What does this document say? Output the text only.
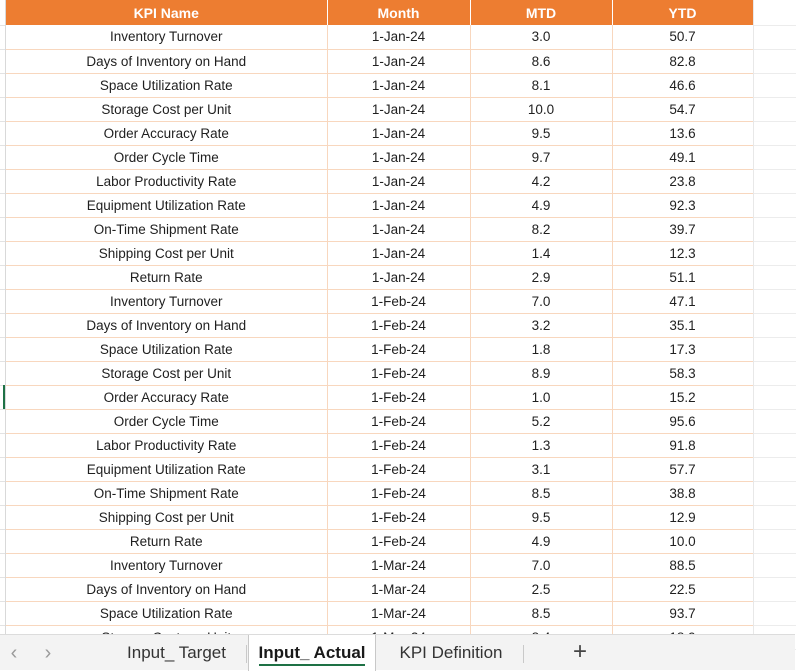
KPI Name	Month	MTD	YTD
Inventory Turnover	1-Jan-24	3.0	50.7
Days of Inventory on Hand	1-Jan-24	8.6	82.8
Space Utilization Rate	1-Jan-24	8.1	46.6
Storage Cost per Unit	1-Jan-24	10.0	54.7
Order Accuracy Rate	1-Jan-24	9.5	13.6
Order Cycle Time	1-Jan-24	9.7	49.1
Labor Productivity Rate	1-Jan-24	4.2	23.8
Equipment Utilization Rate	1-Jan-24	4.9	92.3
On-Time Shipment Rate	1-Jan-24	8.2	39.7
Shipping Cost per Unit	1-Jan-24	1.4	12.3
Return Rate	1-Jan-24	2.9	51.1
Inventory Turnover	1-Feb-24	7.0	47.1
Days of Inventory on Hand	1-Feb-24	3.2	35.1
Space Utilization Rate	1-Feb-24	1.8	17.3
Storage Cost per Unit	1-Feb-24	8.9	58.3
Order Accuracy Rate	1-Feb-24	1.0	15.2
Order Cycle Time	1-Feb-24	5.2	95.6
Labor Productivity Rate	1-Feb-24	1.3	91.8
Equipment Utilization Rate	1-Feb-24	3.1	57.7
On-Time Shipment Rate	1-Feb-24	8.5	38.8
Shipping Cost per Unit	1-Feb-24	9.5	12.9
Return Rate	1-Feb-24	4.9	10.0
Inventory Turnover	1-Mar-24	7.0	88.5
Days of Inventory on Hand	1-Mar-24	2.5	22.5
Space Utilization Rate	1-Mar-24	8.5	93.7

‹	›	Input_ Target	Input_ Actual	KPI Definition	+
